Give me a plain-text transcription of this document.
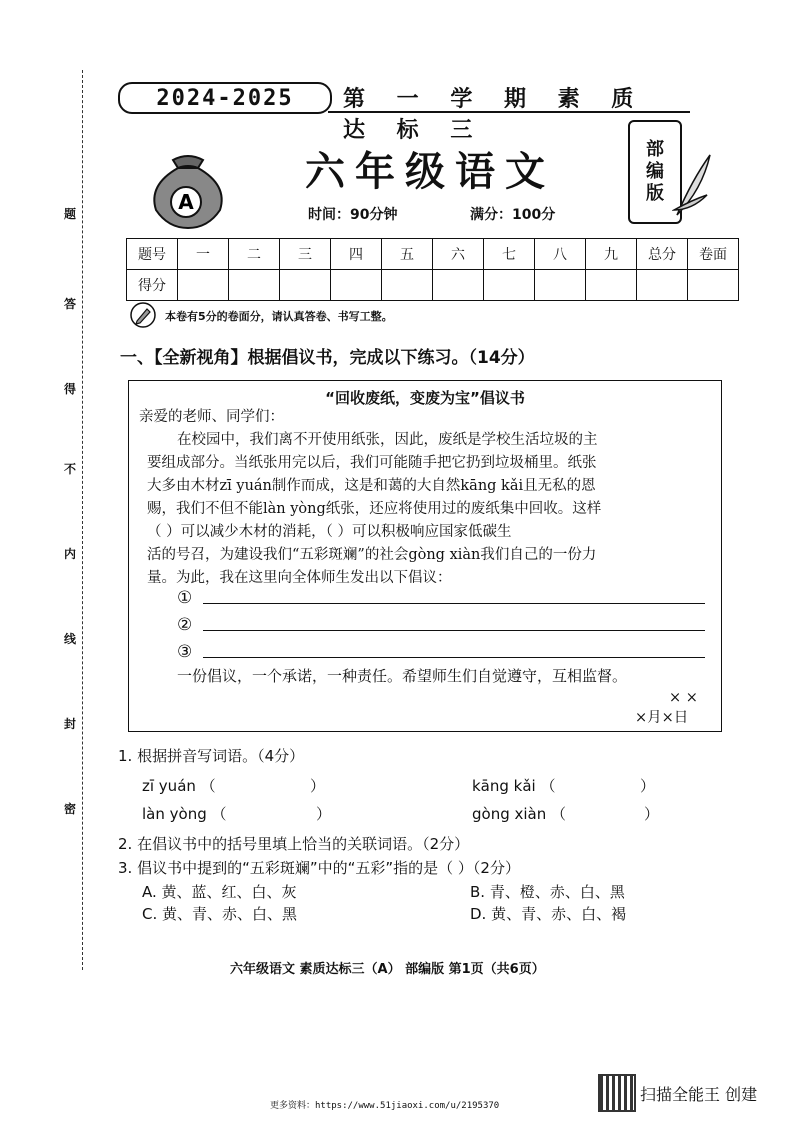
题
答
得
不
内
线
封
密
2024-2025	第 一 学 期 素 质 达 标 三
A
六年级语文
时间：90分钟	满分：100分
部
编
版
题号	一	二	三	四	五	六	七	八	九	总分	卷面
得分											
本卷有5分的卷面分，请认真答卷、书写工整。
一、【全新视角】根据倡议书，完成以下练习。（14分）
“回收废纸，变废为宝”倡议书
亲爱的老师、同学们：
在校园中，我们离不开使用纸张，因此，废纸是学校生活垃圾的主
要组成部分。当纸张用完以后，我们可能随手把它扔到垃圾桶里。纸张
大多由木材zī yuán制作而成，这是和蔼的大自然kāng kǎi且无私的恩
赐，我们不但不能làn yòng纸张，还应将使用过的废纸集中回收。这样
（ ）可以减少木材的消耗，（ ）可以积极响应国家低碳生
活的号召，为建设我们“五彩斑斓”的社会gòng xiàn我们自己的一份力
量。为此，我在这里向全体师生发出以下倡议：
①
②
③
一份倡议，一个承诺，一种责任。希望师生们自觉遵守，互相监督。
× ×
×月×日
1. 根据拼音写词语。（4分）
zī yuán （	）	kāng kǎi （	）
làn yòng （	）	gòng xiàn （	）
2. 在倡议书中的括号里填上恰当的关联词语。（2分）
3. 倡议书中提到的“五彩斑斓”中的“五彩”指的是（ ）（2分）
A. 黄、蓝、红、白、灰	B. 青、橙、赤、白、黑
C. 黄、青、赤、白、黑	D. 黄、青、赤、白、褐
六年级语文 素质达标三（A） 部编版 第1页（共6页）
扫描全能王 创建
更多资料：https://www.51jiaoxi.com/u/2195370
